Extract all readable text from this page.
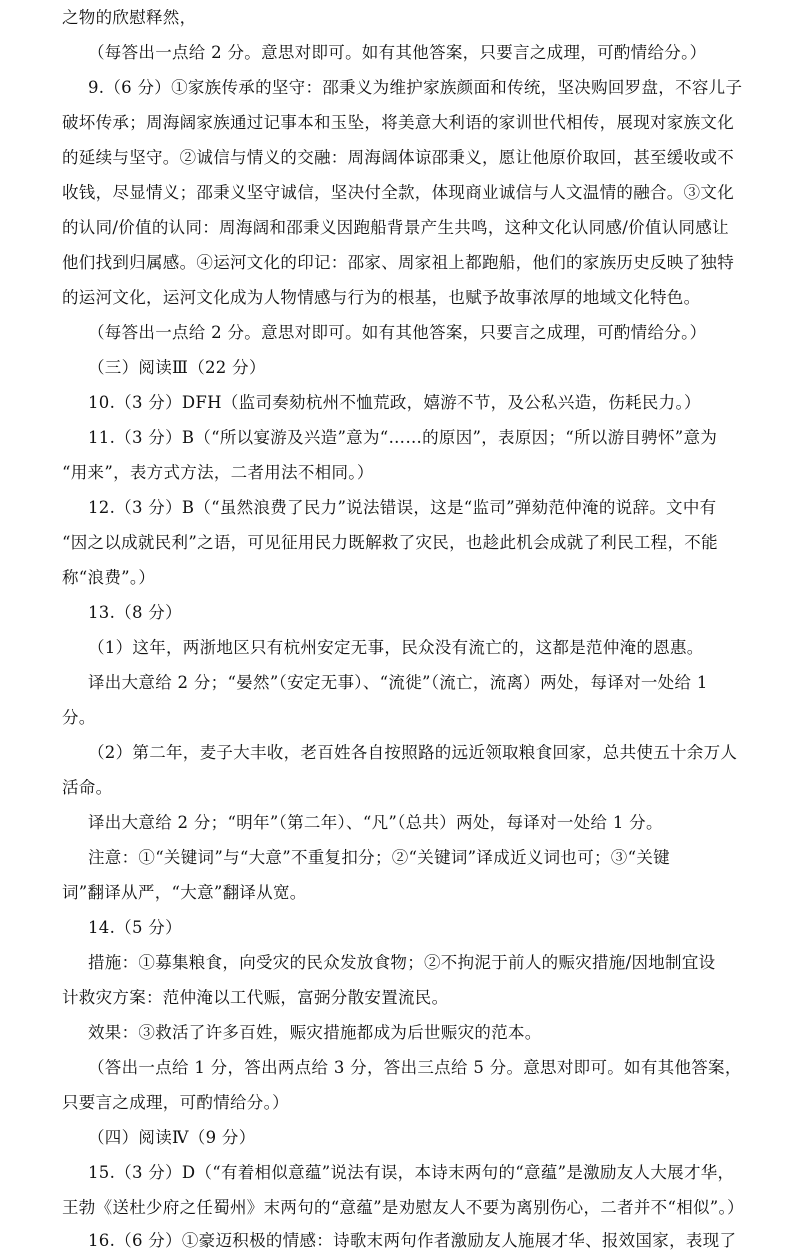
之物的欣慰释然，
（每答出一点给 2 分。意思对即可。如有其他答案，只要言之成理，可酌情给分。）
9.（6 分）①家族传承的坚守：邵秉义为维护家族颜面和传统，坚决购回罗盘，不容儿子
破坏传承；周海阔家族通过记事本和玉坠，将美意大利语的家训世代相传，展现对家族文化
的延续与坚守。②诚信与情义的交融：周海阔体谅邵秉义，愿让他原价取回，甚至缓收或不
收钱，尽显情义；邵秉义坚守诚信，坚决付全款，体现商业诚信与人文温情的融合。③文化
的认同/价值的认同：周海阔和邵秉义因跑船背景产生共鸣，这种文化认同感/价值认同感让
他们找到归属感。④运河文化的印记：邵家、周家祖上都跑船，他们的家族历史反映了独特
的运河文化，运河文化成为人物情感与行为的根基，也赋予故事浓厚的地域文化特色。
（每答出一点给 2 分。意思对即可。如有其他答案，只要言之成理，可酌情给分。）
（三）阅读Ⅲ（22 分）
10.（3 分）DFH（监司奏劾杭州不恤荒政，嬉游不节，及公私兴造，伤耗民力。）
11.（3 分）B（“所以宴游及兴造”意为“……的原因”，表原因；“所以游目骋怀”意为
“用来”，表方式方法，二者用法不相同。）
12.（3 分）B（“虽然浪费了民力”说法错误，这是“监司”弹劾范仲淹的说辞。文中有
“因之以成就民利”之语，可见征用民力既解救了灾民，也趁此机会成就了利民工程，不能
称“浪费”。）
13.（8 分）
（1）这年，两浙地区只有杭州安定无事，民众没有流亡的，这都是范仲淹的恩惠。
译出大意给 2 分；“晏然”（安定无事）、“流徙”（流亡，流离）两处，每译对一处给 1
分。
（2）第二年，麦子大丰收，老百姓各自按照路的远近领取粮食回家，总共使五十余万人
活命。
译出大意给 2 分；“明年”（第二年）、“凡”（总共）两处，每译对一处给 1 分。
注意：①“关键词”与“大意”不重复扣分；②“关键词”译成近义词也可；③“关键
词”翻译从严，“大意”翻译从宽。
14.（5 分）
措施：①募集粮食，向受灾的民众发放食物；②不拘泥于前人的赈灾措施/因地制宜设
计救灾方案：范仲淹以工代赈，富弼分散安置流民。
效果：③救活了许多百姓，赈灾措施都成为后世赈灾的范本。
（答出一点给 1 分，答出两点给 3 分，答出三点给 5 分。意思对即可。如有其他答案，
只要言之成理，可酌情给分。）
（四）阅读Ⅳ（9 分）
15.（3 分）D（“有着相似意蕴”说法有误，本诗末两句的“意蕴”是激励友人大展才华，
王勃《送杜少府之任蜀州》末两句的“意蕴”是劝慰友人不要为离别伤心，二者并不“相似”。）
16.（6 分）①豪迈积极的情感：诗歌末两句作者激励友人施展才华、报效国家，表现了
